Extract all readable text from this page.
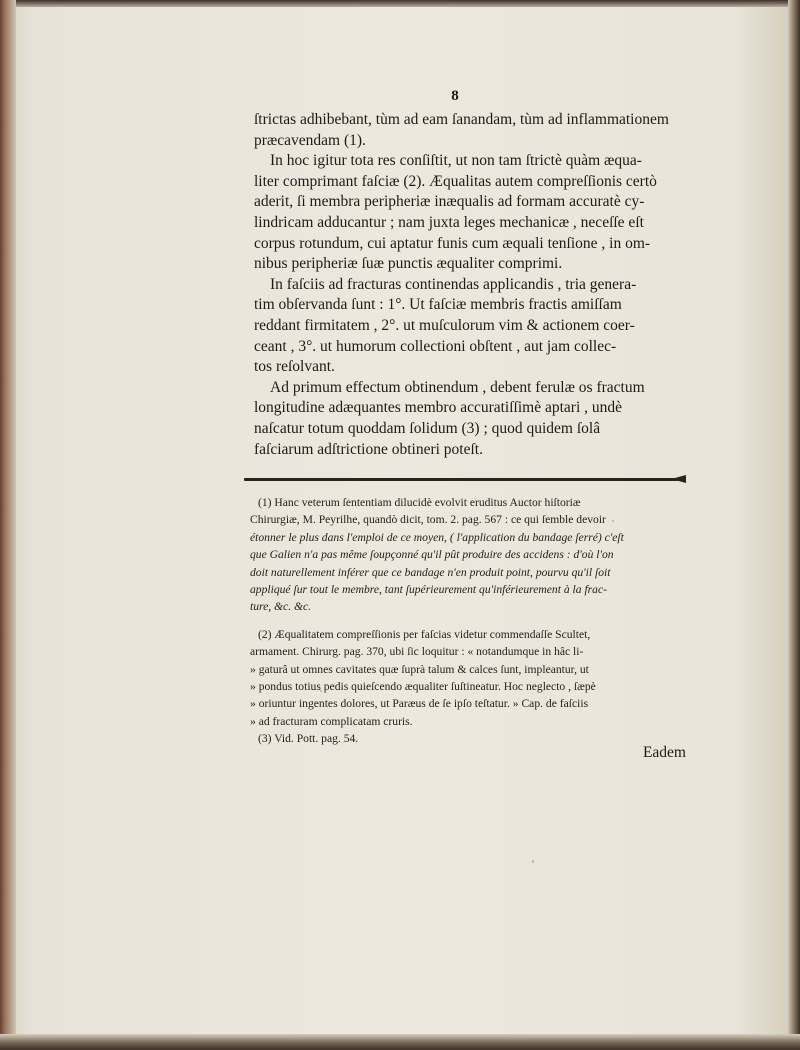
8

ſtrictas adhibebant, tùm ad eam ſanandam, tùm ad inflammationem

præcavendam (1).

In hoc igitur tota res conſiſtit, ut non tam ſtrictè quàm æqua-

liter comprimant faſciæ (2). Æqualitas autem compreſſionis certò

aderit, ſi membra peripheriæ inæqualis ad formam accuratè cy-

lindricam adducantur ; nam juxta leges mechanicæ , neceſſe eſt

corpus rotundum, cui aptatur funis cum æquali tenſione , in om-

nibus peripheriæ ſuæ punctis æqualiter comprimi.

In faſciis ad fracturas continendas applicandis , tria genera-

tim obſervanda ſunt : 1°. Ut faſciæ membris fractis amiſſam

reddant firmitatem , 2°. ut muſculorum vim & actionem coer-

ceant , 3°. ut humorum collectioni obſtent , aut jam collec-

tos reſolvant.

Ad primum effectum obtinendum , debent ferulæ os fractum

longitudine adæquantes membro accuratiſſimè aptari , undè

naſcatur totum quoddam ſolidum (3) ; quod quidem ſolâ

faſciarum adſtrictione obtineri poteſt.

(1) Hanc veterum ſententiam dilucidè evolvit eruditus Auctor hiſtoriæ

Chirurgiæ, M. Peyrilhe, quandò dicit, tom. 2. pag. 567 : ce qui ſemble devoir

étonner le plus dans l'emploi de ce moyen, ( l'application du bandage ſerré) c'eſt

que Galien n'a pas même ſoupçonné qu'il pût produire des accidens : d'où l'on

doit naturellement inférer que ce bandage n'en produit point, pourvu qu'il ſoit

appliqué ſur tout le membre, tant ſupérieurement qu'inférieurement à la frac-

ture, &c. &c.

(2) Æqualitatem compreſſionis per faſcias videtur commendaſſe Scultet,

armament. Chirurg. pag. 370, ubi ſic loquitur : « notandumque in hâc li-

» gaturâ ut omnes cavitates quæ ſuprà talum & calces ſunt, impleantur, ut

» pondus totius pedis quieſcendo æqualiter ſuſtineatur. Hoc neglecto , ſæpè

» oriuntur ingentes dolores, ut Paræus de ſe ipſo teſtatur. » Cap. de faſciis

» ad fracturam complicatam cruris.

(3) Vid. Pott. pag. 54.

Eadem
